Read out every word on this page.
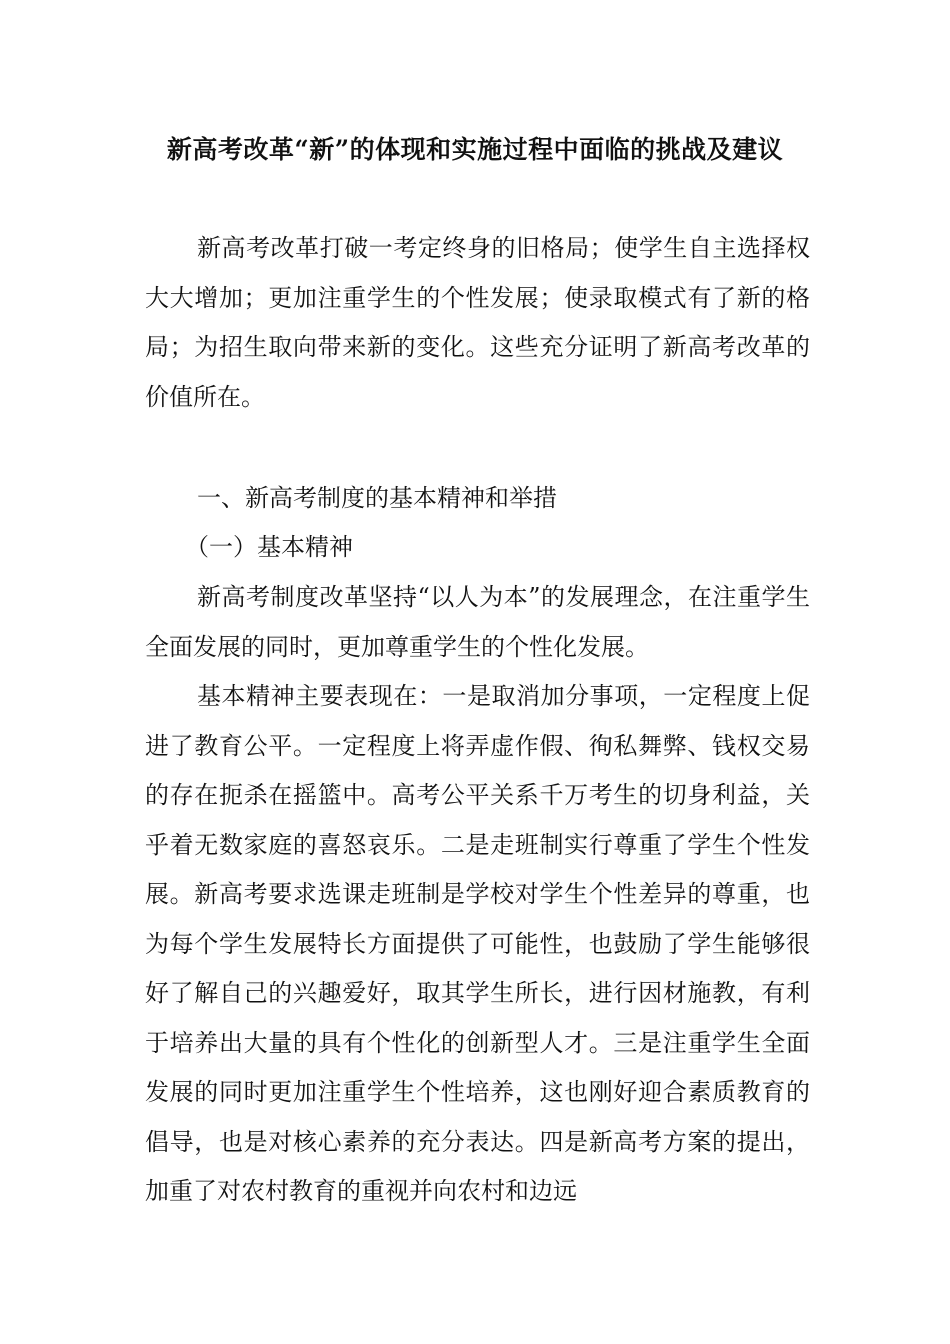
新高考改革“新”的体现和实施过程中面临的挑战及建议

新高考改革打破一考定终身的旧格局；使学生自主选择权大大增加；更加注重学生的个性发展；使录取模式有了新的格局；为招生取向带来新的变化。这些充分证明了新高考改革的价值所在。

一、新高考制度的基本精神和举措
（一）基本精神

新高考制度改革坚持“以人为本”的发展理念，在注重学生全面发展的同时，更加尊重学生的个性化发展。

基本精神主要表现在：一是取消加分事项，一定程度上促进了教育公平。一定程度上将弄虚作假、徇私舞弊、钱权交易的存在扼杀在摇篮中。高考公平关系千万考生的切身利益，关乎着无数家庭的喜怒哀乐。二是走班制实行尊重了学生个性发展。新高考要求选课走班制是学校对学生个性差异的尊重，也为每个学生发展特长方面提供了可能性，也鼓励了学生能够很好了解自己的兴趣爱好，取其学生所长，进行因材施教，有利于培养出大量的具有个性化的创新型人才。三是注重学生全面发展的同时更加注重学生个性培养，这也刚好迎合素质教育的倡导，也是对核心素养的充分表达。四是新高考方案的提出，加重了对农村教育的重视并向农村和边远
